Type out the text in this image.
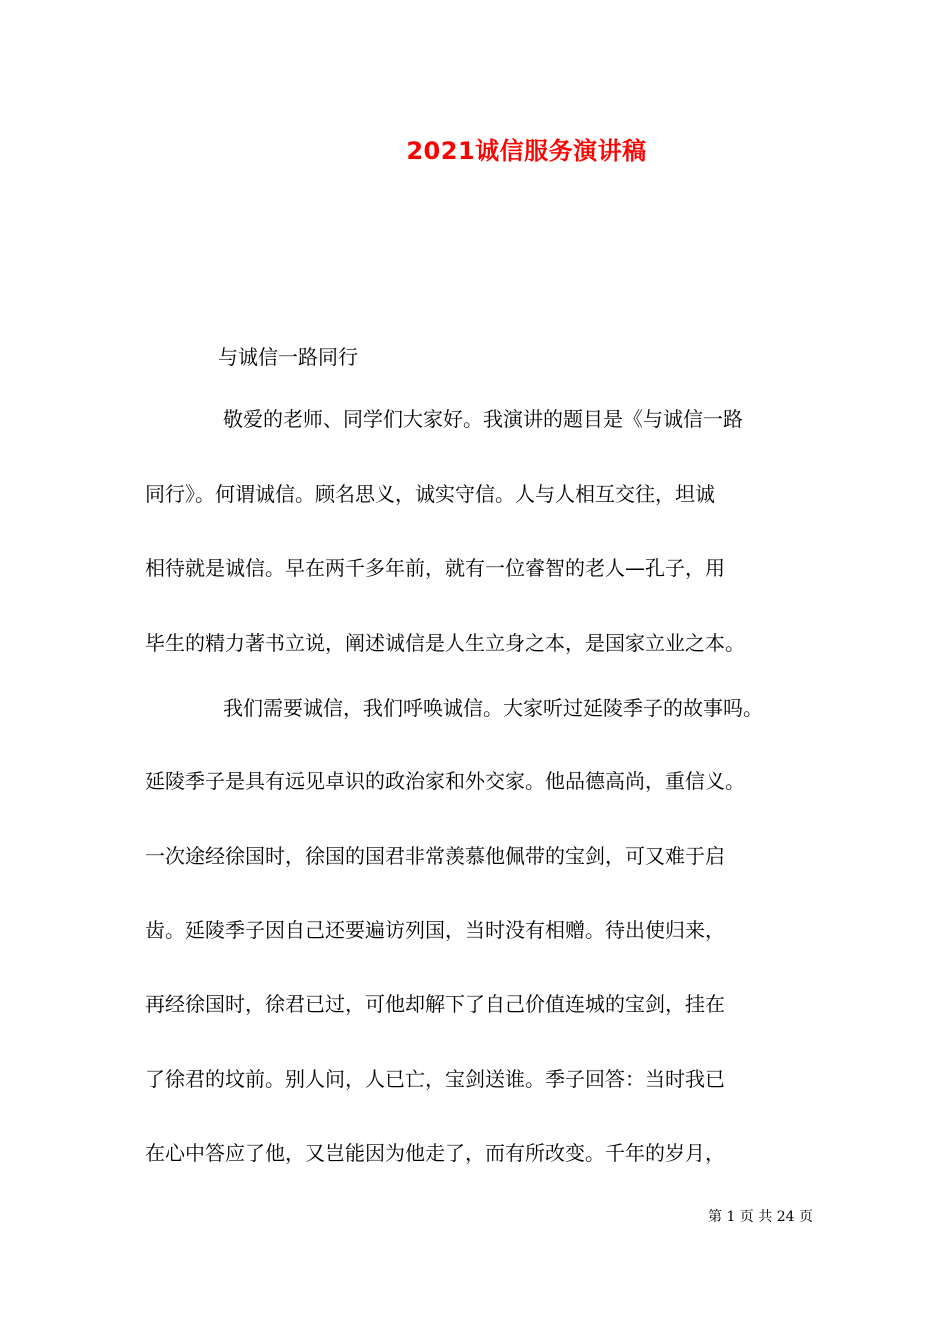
2021诚信服务演讲稿
与诚信一路同行
敬爱的老师、同学们大家好。我演讲的题目是《与诚信一路
同行》。何谓诚信。顾名思义，诚实守信。人与人相互交往，坦诚
相待就是诚信。早在两千多年前，就有一位睿智的老人—孔子，用
毕生的精力著书立说，阐述诚信是人生立身之本，是国家立业之本。
我们需要诚信，我们呼唤诚信。大家听过延陵季子的故事吗。
延陵季子是具有远见卓识的政治家和外交家。他品德高尚，重信义。
一次途经徐国时，徐国的国君非常羡慕他佩带的宝剑，可又难于启
齿。延陵季子因自己还要遍访列国，当时没有相赠。待出使归来，
再经徐国时，徐君已过，可他却解下了自己价值连城的宝剑，挂在
了徐君的坟前。别人问，人已亡，宝剑送谁。季子回答：当时我已
在心中答应了他，又岂能因为他走了，而有所改变。千年的岁月，
第 1 页 共 24 页
